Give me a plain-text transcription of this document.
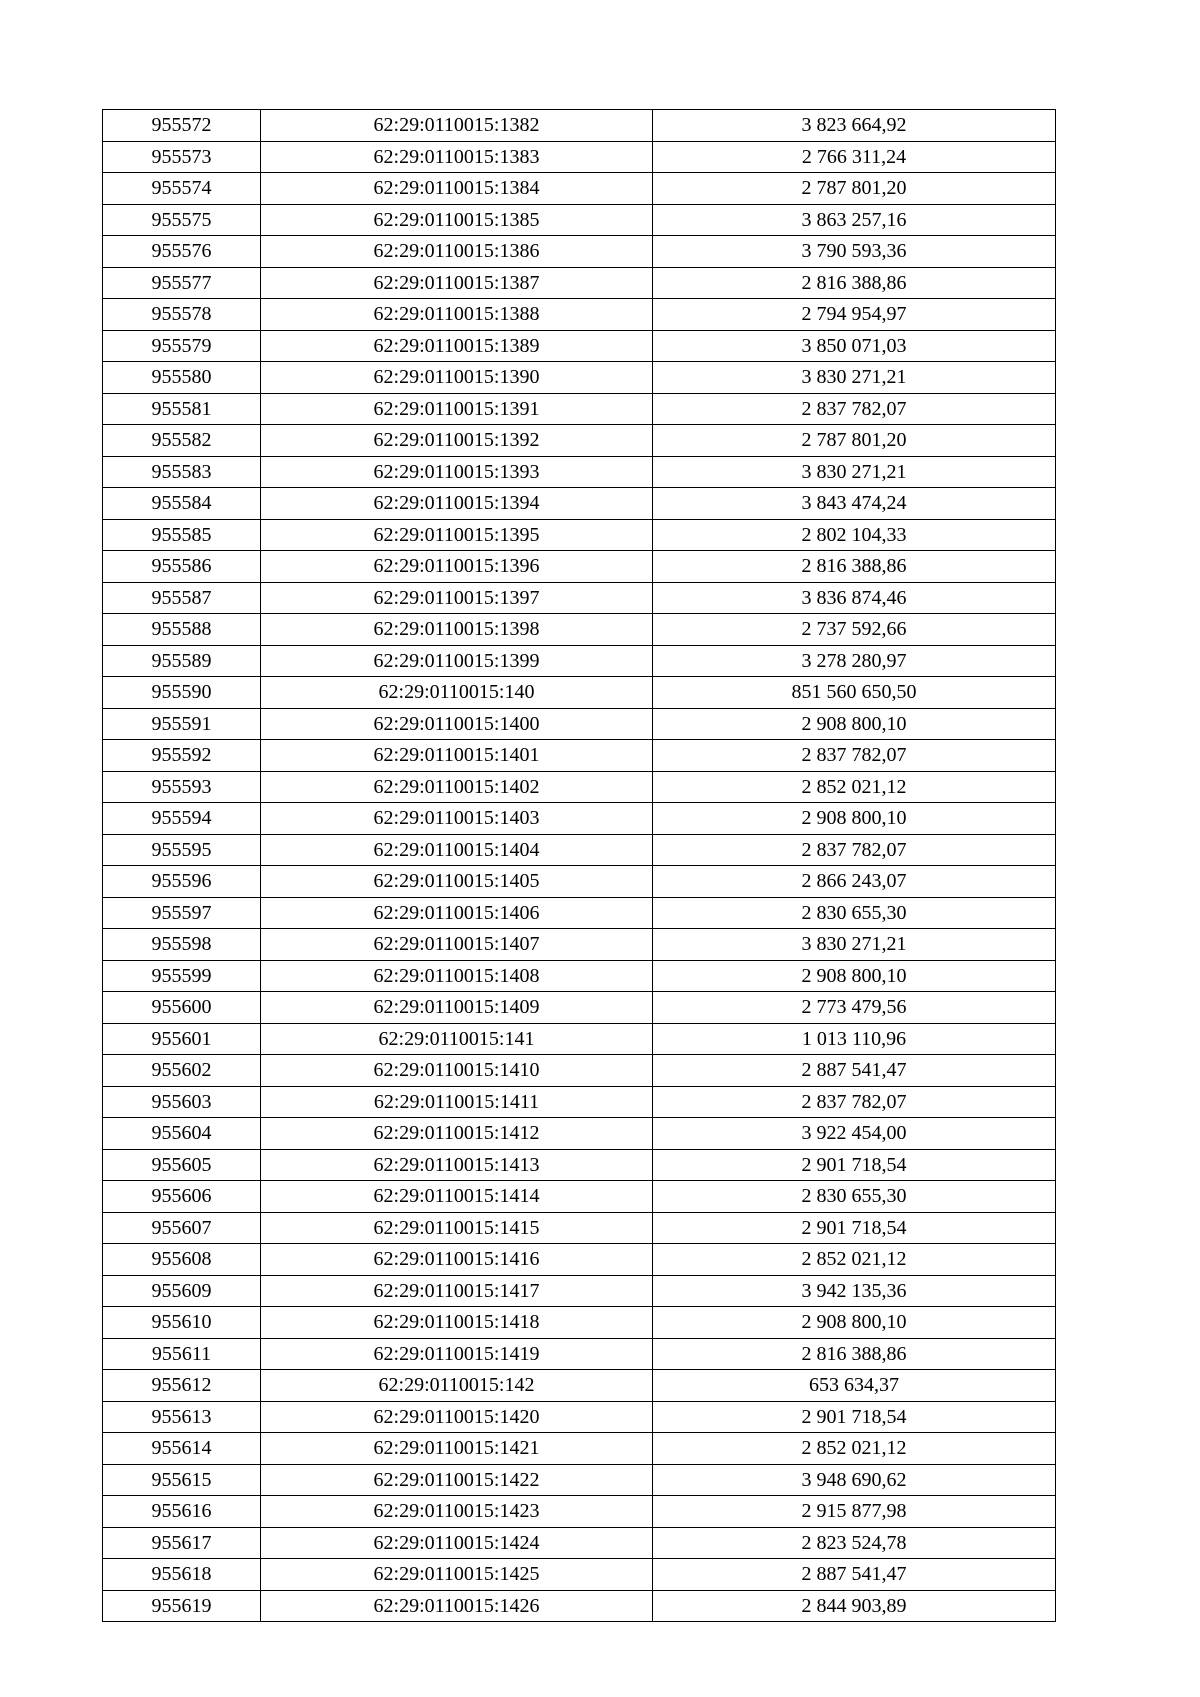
955572	62:29:0110015:1382	3 823 664,92
955573	62:29:0110015:1383	2 766 311,24
955574	62:29:0110015:1384	2 787 801,20
955575	62:29:0110015:1385	3 863 257,16
955576	62:29:0110015:1386	3 790 593,36
955577	62:29:0110015:1387	2 816 388,86
955578	62:29:0110015:1388	2 794 954,97
955579	62:29:0110015:1389	3 850 071,03
955580	62:29:0110015:1390	3 830 271,21
955581	62:29:0110015:1391	2 837 782,07
955582	62:29:0110015:1392	2 787 801,20
955583	62:29:0110015:1393	3 830 271,21
955584	62:29:0110015:1394	3 843 474,24
955585	62:29:0110015:1395	2 802 104,33
955586	62:29:0110015:1396	2 816 388,86
955587	62:29:0110015:1397	3 836 874,46
955588	62:29:0110015:1398	2 737 592,66
955589	62:29:0110015:1399	3 278 280,97
955590	62:29:0110015:140	851 560 650,50
955591	62:29:0110015:1400	2 908 800,10
955592	62:29:0110015:1401	2 837 782,07
955593	62:29:0110015:1402	2 852 021,12
955594	62:29:0110015:1403	2 908 800,10
955595	62:29:0110015:1404	2 837 782,07
955596	62:29:0110015:1405	2 866 243,07
955597	62:29:0110015:1406	2 830 655,30
955598	62:29:0110015:1407	3 830 271,21
955599	62:29:0110015:1408	2 908 800,10
955600	62:29:0110015:1409	2 773 479,56
955601	62:29:0110015:141	1 013 110,96
955602	62:29:0110015:1410	2 887 541,47
955603	62:29:0110015:1411	2 837 782,07
955604	62:29:0110015:1412	3 922 454,00
955605	62:29:0110015:1413	2 901 718,54
955606	62:29:0110015:1414	2 830 655,30
955607	62:29:0110015:1415	2 901 718,54
955608	62:29:0110015:1416	2 852 021,12
955609	62:29:0110015:1417	3 942 135,36
955610	62:29:0110015:1418	2 908 800,10
955611	62:29:0110015:1419	2 816 388,86
955612	62:29:0110015:142	653 634,37
955613	62:29:0110015:1420	2 901 718,54
955614	62:29:0110015:1421	2 852 021,12
955615	62:29:0110015:1422	3 948 690,62
955616	62:29:0110015:1423	2 915 877,98
955617	62:29:0110015:1424	2 823 524,78
955618	62:29:0110015:1425	2 887 541,47
955619	62:29:0110015:1426	2 844 903,89
